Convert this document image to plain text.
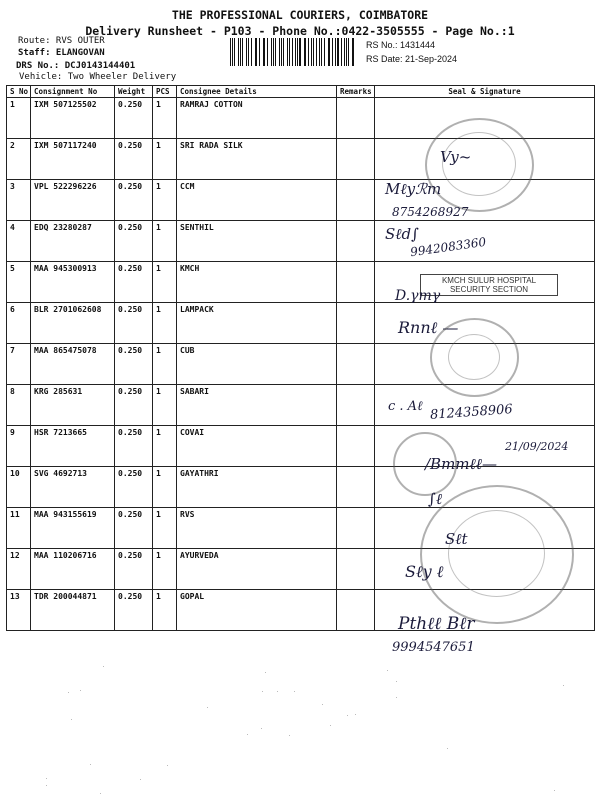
THE PROFESSIONAL COURIERS, COIMBATORE
Delivery Runsheet - P103 - Phone No.:0422-3505555 - Page No.:1
Route: RVS OUTER
Staff: ELANGOVAN
DRS No.: DCJ0143144401
Vehicle: Two Wheeler Delivery
RS No.: 1431444
RS Date: 21-Sep-2024
S No	Consignment No	Weight	PCS	Consignee Details	Remarks	Seal & Signature
1	IXM 507125502	0.250	1	RAMRAJ COTTON		
2	IXM 507117240	0.250	1	SRI RADA SILK		
3	VPL 522296226	0.250	1	CCM		
4	EDQ 23280287	0.250	1	SENTHIL		
5	MAA 945300913	0.250	1	KMCH		
6	BLR 2701062608	0.250	1	LAMPACK		
7	MAA 865475078	0.250	1	CUB		
8	KRG 285631	0.250	1	SABARI		
9	HSR 7213665	0.250	1	COVAI		
10	SVG 4692713	0.250	1	GAYATHRI		
11	MAA 943155619	0.250	1	RVS		
12	MAA 110206716	0.250	1	AYURVEDA		
13	TDR 200044871	0.250	1	GOPAL		
Vy~
Mℓyℛm
8754268927
Sℓd∫
9942083360
KMCH SULUR HOSPITAL
SECURITY SECTION
D.γmγ
Rnnℓ —
c . Aℓ 8124358906
21/09/2024
/Bmmℓℓ—
∫ℓ
Sℓt
Sℓy ℓ
Pthℓℓ Bℓr
9994547651
